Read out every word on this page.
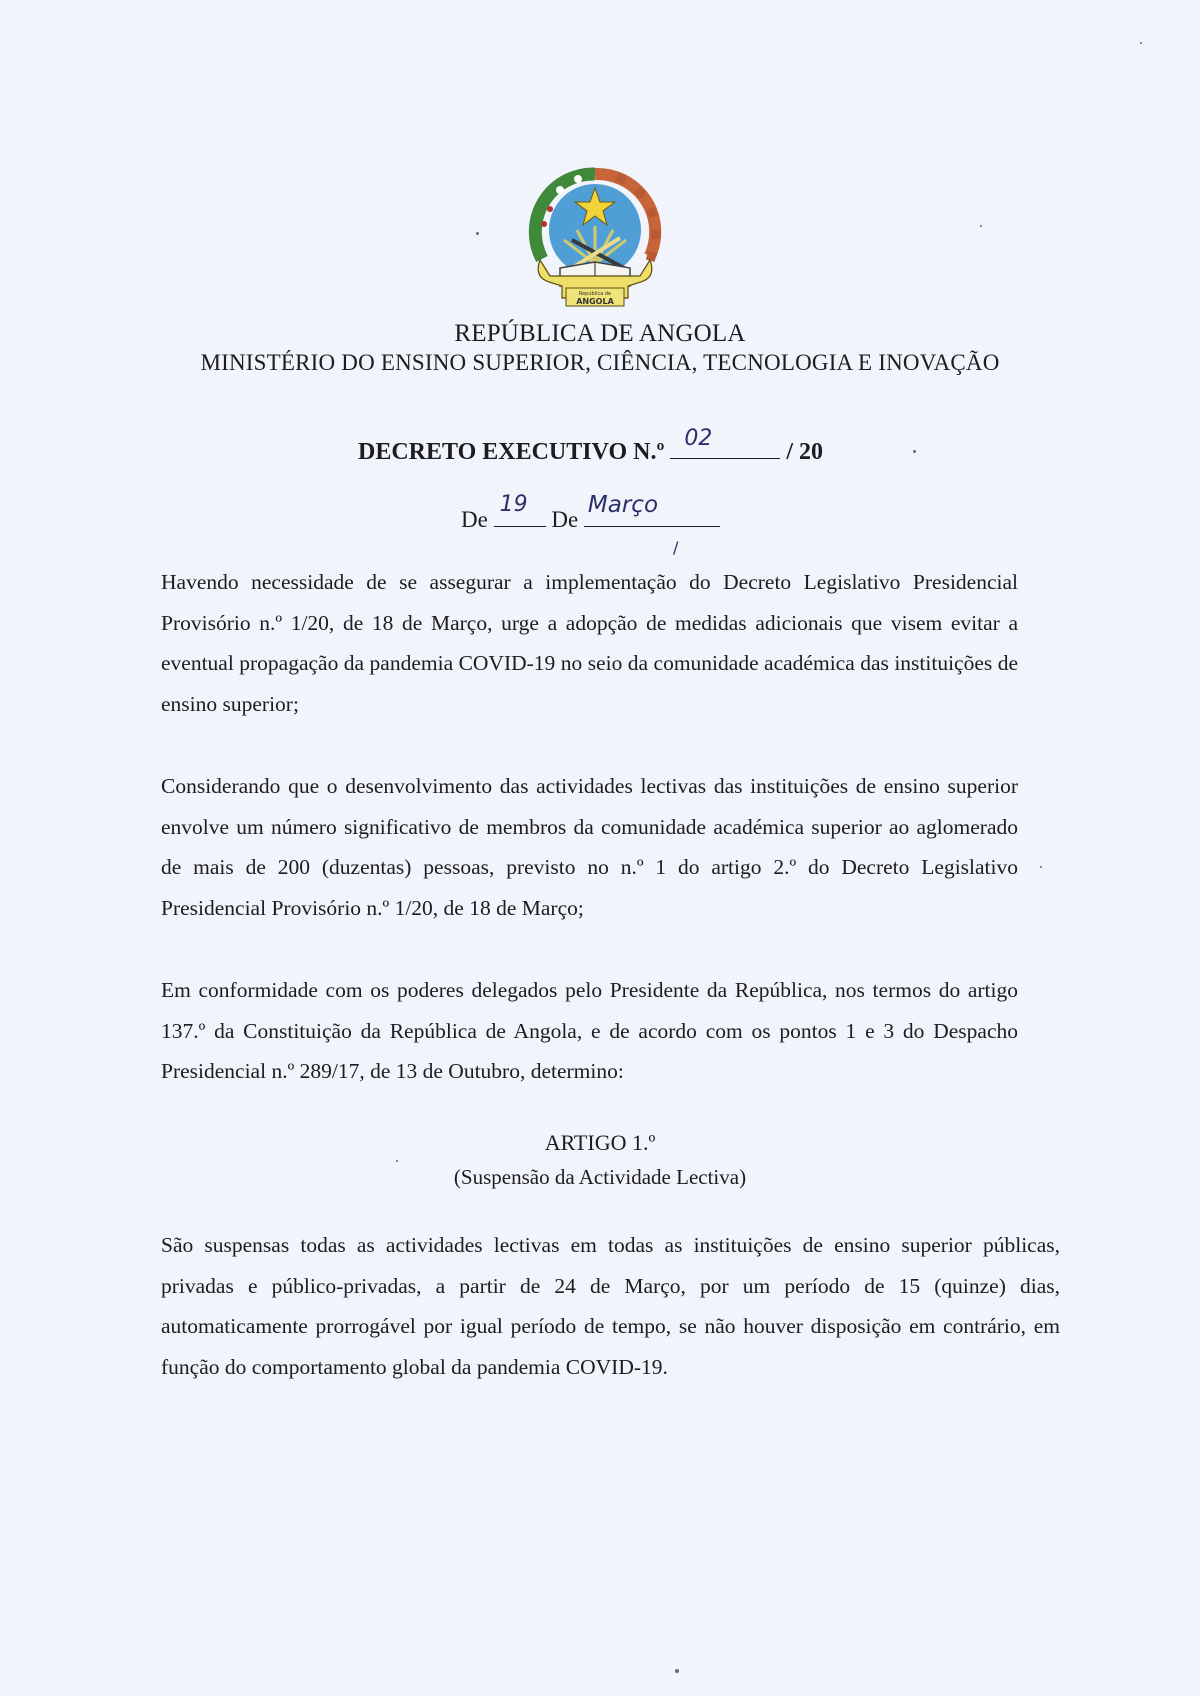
República de
ANGOLA
REPÚBLICA DE ANGOLA
MINISTÉRIO DO ENSINO SUPERIOR, CIÊNCIA, TECNOLOGIA E INOVAÇÃO
DECRETO EXECUTIVO N.º
02
/ 20
De
19
De
Março
/

Havendo necessidade de se assegurar a implementação do Decreto Legislativo Presidencial Provisório n.º 1/20, de 18 de Março, urge a adopção de medidas adicionais que visem evitar a eventual propagação da pandemia COVID-19 no seio da comunidade académica das instituições de ensino superior;

Considerando que o desenvolvimento das actividades lectivas das instituições de ensino superior envolve um número significativo de membros da comunidade académica superior ao aglomerado de mais de 200 (duzentas) pessoas, previsto no n.º 1 do artigo 2.º do Decreto Legislativo Presidencial Provisório n.º 1/20, de 18 de Março;

Em conformidade com os poderes delegados pelo Presidente da República, nos termos do artigo 137.º da Constituição da República de Angola, e de acordo com os pontos 1 e 3 do Despacho Presidencial n.º 289/17, de 13 de Outubro, determino:

ARTIGO 1.º
(Suspensão da Actividade Lectiva)

São suspensas todas as actividades lectivas em todas as instituições de ensino superior públicas, privadas e público-privadas, a partir de 24 de Março, por um período de 15 (quinze) dias, automaticamente prorrogável por igual período de tempo, se não houver disposição em contrário, em função do comportamento global da pandemia COVID-19.
